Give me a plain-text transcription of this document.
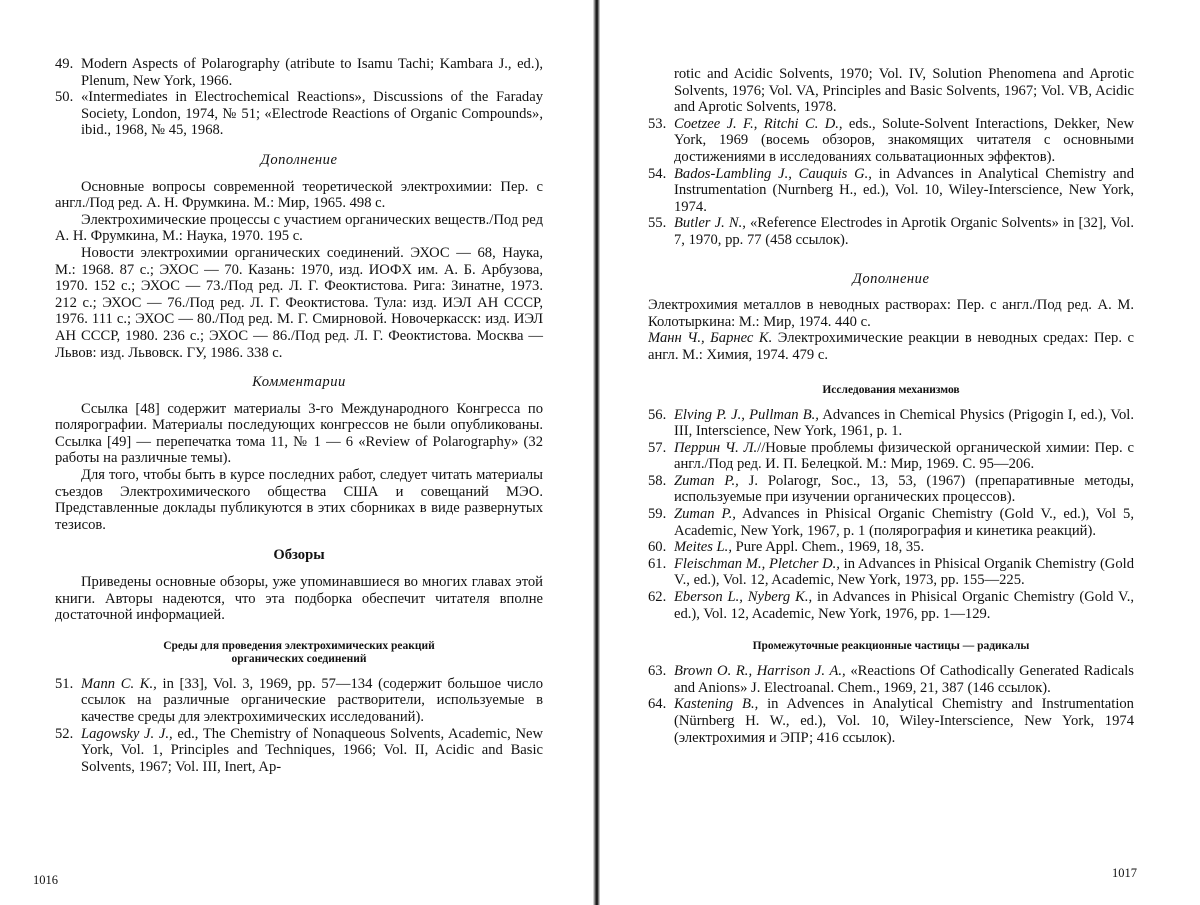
49. Modern Aspects of Polarography (atribute to Isamu Tachi; Kambara J., ed.), Plenum, New York, 1966.

50. «Intermediates in Electrochemical Reactions», Discussions of the Faraday Society, London, 1974, № 51; «Electrode Reactions of Organic Compounds», ibid., 1968, № 45, 1968.

Дополнение

Основные вопросы современной теоретической электрохимии: Пер. с англ./Под ред. А. Н. Фрумкина. М.: Мир, 1965. 498 с.

Электрохимические процессы с участием органических веществ./Под ред А. Н. Фрумкина, М.: Наука, 1970. 195 с.

Новости электрохимии органических соединений. ЭХОС — 68, Наука, М.: 1968. 87 с.; ЭХОС — 70. Казань: 1970, изд. ИОФХ им. А. Б. Арбузова, 1970. 152 с.; ЭХОС — 73./Под ред. Л. Г. Феоктистова. Рига: Зинатне, 1973. 212 с.; ЭХОС — 76./Под ред. Л. Г. Феоктистова. Тула: изд. ИЭЛ АН СССР, 1976. 111 с.; ЭХОС — 80./Под ред. М. Г. Смирновой. Новочеркасск: изд. ИЭЛ АН СССР, 1980. 236 с.; ЭХОС — 86./Под ред. Л. Г. Феоктистова. Москва — Львов: изд. Львовск. ГУ, 1986. 338 с.

Комментарии

Ссылка [48] содержит материалы 3-го Международного Конгресса по полярографии. Материалы последующих конгрессов не были опубликованы. Ссылка [49] — перепечатка тома 11, № 1 — 6 «Review of Polarography» (32 работы на различные темы).

Для того, чтобы быть в курсе последних работ, следует читать материалы съездов Электрохимического общества США и совещаний МЭО. Представленные доклады публикуются в этих сборниках в виде развернутых тезисов.

Обзоры

Приведены основные обзоры, уже упоминавшиеся во многих главах этой книги. Авторы надеются, что эта подборка обеспечит читателя вполне достаточной информацией.

Среды для проведения электрохимических реакций
органических соединений

51. Mann C. K., in [33], Vol. 3, 1969, pp. 57—134 (содержит большое число ссылок на различные органические растворители, используемые в качестве среды для электрохимических исследований).

52. Lagowsky J. J., ed., The Chemistry of Nonaqueous Solvents, Academic, New York, Vol. 1, Principles and Techniques, 1966; Vol. II, Acidic and Basic Solvents, 1967; Vol. III, Inert, Ap-

1016

rotic and Acidic Solvents, 1970; Vol. IV, Solution Phenomena and Aprotic Solvents, 1976; Vol. VA, Principles and Basic Solvents, 1967; Vol. VB, Acidic and Aprotic Solvents, 1978.

53. Coetzee J. F., Ritchi C. D., eds., Solute-Solvent Interactions, Dekker, New York, 1969 (восемь обзоров, знакомящих читателя с основными достижениями в исследованиях сольватационных эффектов).

54. Bados-Lambling J., Cauquis G., in Advances in Analytical Chemistry and Instrumentation (Nurnberg H., ed.), Vol. 10, Wiley-Interscience, New York, 1974.

55. Butler J. N., «Reference Electrodes in Aprotik Organic Solvents» in [32], Vol. 7, 1970, pp. 77 (458 ссылок).

Дополнение

Электрохимия металлов в неводных растворах: Пер. с англ./Под ред. А. М. Колотыркина: М.: Мир, 1974. 440 с.

Манн Ч., Барнес К. Электрохимические реакции в неводных средах: Пер. с англ. М.: Химия, 1974. 479 с.

Исследования механизмов

56. Elving P. J., Pullman B., Advances in Chemical Physics (Prigogin I, ed.), Vol. III, Interscience, New York, 1961, p. 1.

57. Перрин Ч. Л.//Новые проблемы физической органической химии: Пер. с англ./Под ред. И. П. Белецкой. М.: Мир, 1969. С. 95—206.

58. Zuman P., J. Polarogr, Soc., 13, 53, (1967) (препаративные методы, используемые при изучении органических процессов).

59. Zuman P., Advances in Phisical Organic Chemistry (Gold V., ed.), Vol 5, Academic, New York, 1967, p. 1 (полярография и кинетика реакций).

60. Meites L., Pure Appl. Chem., 1969, 18, 35.

61. Fleischman M., Pletcher D., in Advances in Phisical Organik Chemistry (Gold V., ed.), Vol. 12, Academic, New York, 1973, pp. 155—225.

62. Eberson L., Nyberg K., in Advances in Phisical Organic Chemistry (Gold V., ed.), Vol. 12, Academic, New York, 1976, pp. 1—129.

Промежуточные реакционные частицы — радикалы

63. Brown O. R., Harrison J. A., «Reactions Of Cathodically Generated Radicals and Anions» J. Electroanal. Chem., 1969, 21, 387 (146 ссылок).

64. Kastening B., in Advences in Analytical Chemistry and Instrumentation (Nürnberg H. W., ed.), Vol. 10, Wiley-Interscience, New York, 1974 (электрохимия и ЭПР; 416 ссылок).

1017
